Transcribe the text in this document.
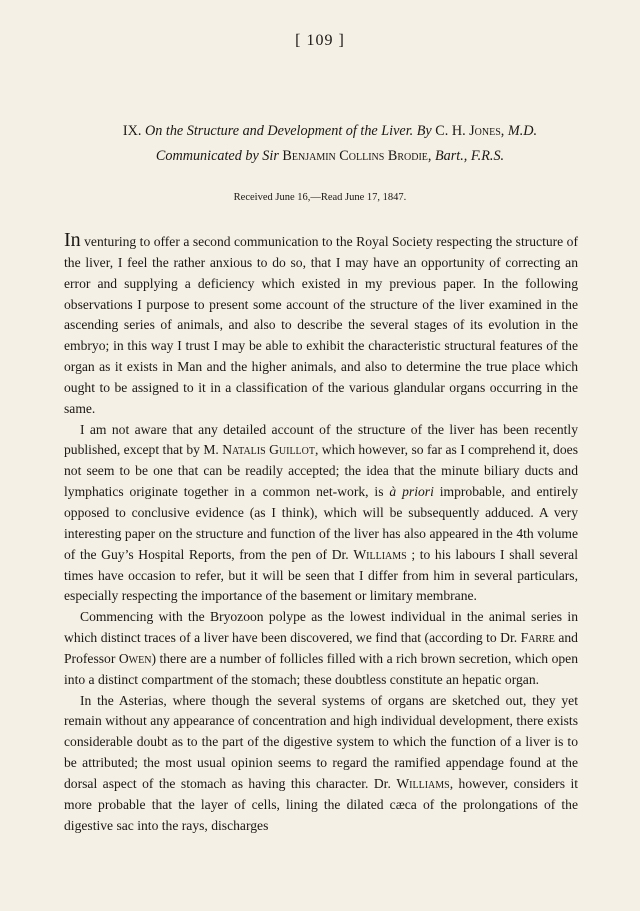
[ 109 ]
IX. On the Structure and Development of the Liver. By C. H. Jones, M.D.
Communicated by Sir Benjamin Collins Brodie, Bart., F.R.S.
Received June 16,—Read June 17, 1847.

In venturing to offer a second communication to the Royal Society respecting the structure of the liver, I feel the rather anxious to do so, that I may have an opportunity of correcting an error and supplying a deficiency which existed in my previous paper. In the following observations I purpose to present some account of the structure of the liver examined in the ascending series of animals, and also to describe the several stages of its evolution in the embryo; in this way I trust I may be able to exhibit the characteristic structural features of the organ as it exists in Man and the higher animals, and also to determine the true place which ought to be assigned to it in a classification of the various glandular organs occurring in the same.

I am not aware that any detailed account of the structure of the liver has been recently published, except that by M. Natalis Guillot, which however, so far as I comprehend it, does not seem to be one that can be readily accepted; the idea that the minute biliary ducts and lymphatics originate together in a common net-work, is à priori improbable, and entirely opposed to conclusive evidence (as I think), which will be subsequently adduced. A very interesting paper on the structure and function of the liver has also appeared in the 4th volume of the Guy’s Hospital Reports, from the pen of Dr. Williams ; to his labours I shall several times have occasion to refer, but it will be seen that I differ from him in several particulars, especially respecting the importance of the basement or limitary membrane.

Commencing with the Bryozoon polype as the lowest individual in the animal series in which distinct traces of a liver have been discovered, we find that (according to Dr. Farre and Professor Owen) there are a number of follicles filled with a rich brown secretion, which open into a distinct compartment of the stomach; these doubtless constitute an hepatic organ.

In the Asterias, where though the several systems of organs are sketched out, they yet remain without any appearance of concentration and high individual development, there exists considerable doubt as to the part of the digestive system to which the function of a liver is to be attributed; the most usual opinion seems to regard the ramified appendage found at the dorsal aspect of the stomach as having this character. Dr. Williams, however, considers it more probable that the layer of cells, lining the dilated cæca of the prolongations of the digestive sac into the rays, discharges
